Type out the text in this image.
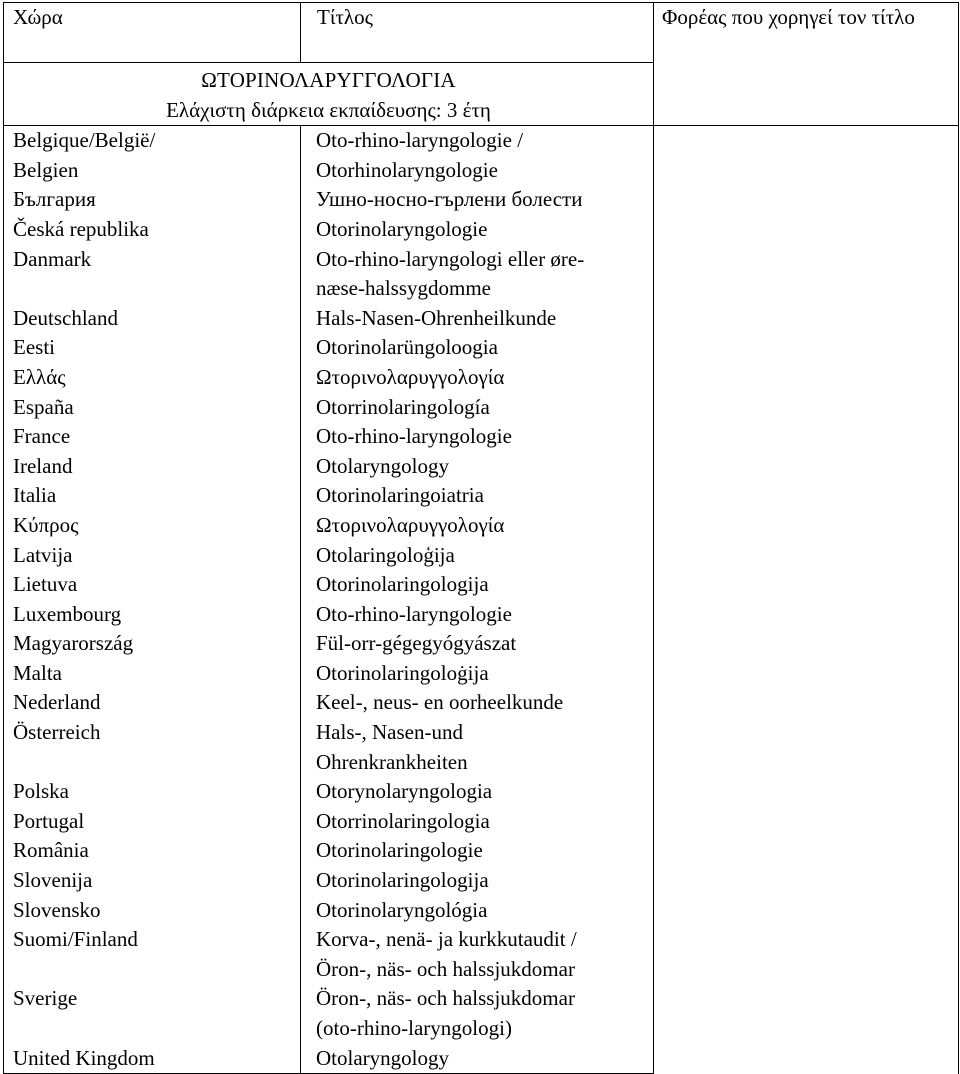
Χώρα	Τίτλος	Φορέας που χορηγεί τον τίτλο

ΩΤΟΡΙΝΟΛΑΡΥΓΓΟΛΟΓΙΑ
Ελάχιστη διάρκεια εκπαίδευσης: 3 έτη		

Belgique/België/
Belgien	Oto-rhino-laryngologie /
Otorhinolaryngologie	

България	Ушно-носно-гърлени болести	

Česká republika	Otorinolaryngologie	

Danmark	Oto-rhino-laryngologi eller øre-
næse-halssygdomme	

Deutschland	Hals-Nasen-Ohrenheilkunde	

Eesti	Otorinolarüngoloogia	

Ελλάς	Ωτορινολαρυγγολογία	

España	Otorrinolaringología	

France	Oto-rhino-laryngologie	

Ireland	Otolaryngology	

Italia	Otorinolaringoiatria	

Κύπρος	Ωτορινολαρυγγολογία	

Latvija	Otolaringoloģija	

Lietuva	Otorinolaringologija	

Luxembourg	Oto-rhino-laryngologie	

Magyarország	Fül-orr-gégegyógyászat	

Malta	Otorinolaringoloġija	

Nederland	Keel-, neus- en oorheelkunde	

Österreich	Hals-, Nasen-und
Ohrenkrankheiten	

Polska	Otorynolaryngologia	

Portugal	Otorrinolaringologia	

România	Otorinolaringologie	

Slovenija	Otorinolaringologija	

Slovensko	Otorinolaryngológia	

Suomi/Finland	Korva-, nenä- ja kurkkutaudit /
Öron-, näs- och halssjukdomar	

Sverige	Öron-, näs- och halssjukdomar
(oto-rhino-laryngologi)	

United Kingdom	Otolaryngology	
